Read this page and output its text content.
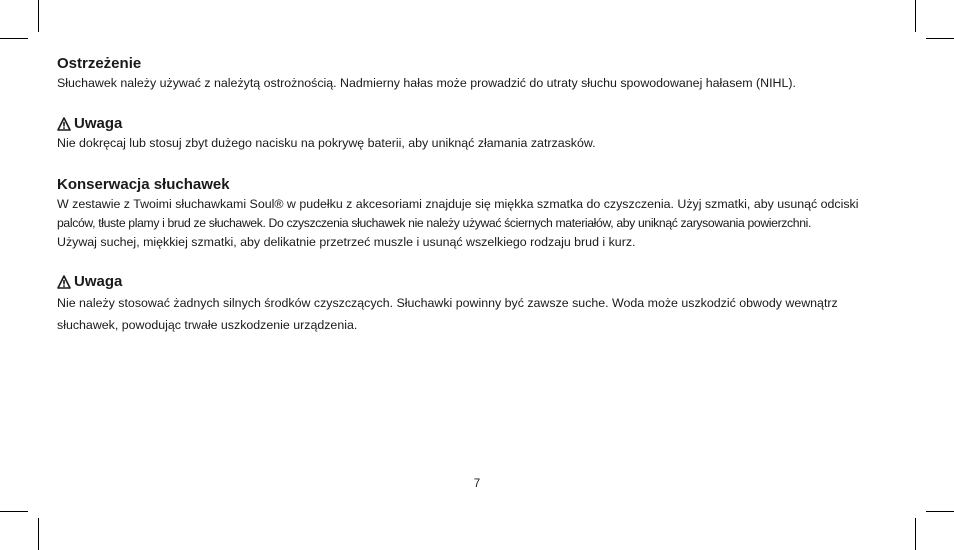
Ostrzeżenie

Słuchawek należy używać z należytą ostrożnością. Nadmierny hałas może prowadzić do utraty słuchu spowodowanej hałasem (NIHL).

Uwaga

Nie dokręcaj lub stosuj zbyt dużego nacisku na pokrywę baterii, aby uniknąć złamania zatrzasków.

Konserwacja słuchawek

W zestawie z Twoimi słuchawkami Soul® w pudełku z akcesoriami znajduje się miękka szmatka do czyszczenia. Użyj szmatki, aby usunąć odciski

palców, tłuste plamy i brud ze słuchawek. Do czyszczenia słuchawek nie należy używać ściernych materiałów, aby uniknąć zarysowania powierzchni.

Używaj suchej, miękkiej szmatki, aby delikatnie przetrzeć muszle i usunąć wszelkiego rodzaju brud i kurz.

Uwaga

Nie należy stosować żadnych silnych środków czyszczących. Słuchawki powinny być zawsze suche. Woda może uszkodzić obwody wewnątrz

słuchawek, powodując trwałe uszkodzenie urządzenia.

7
